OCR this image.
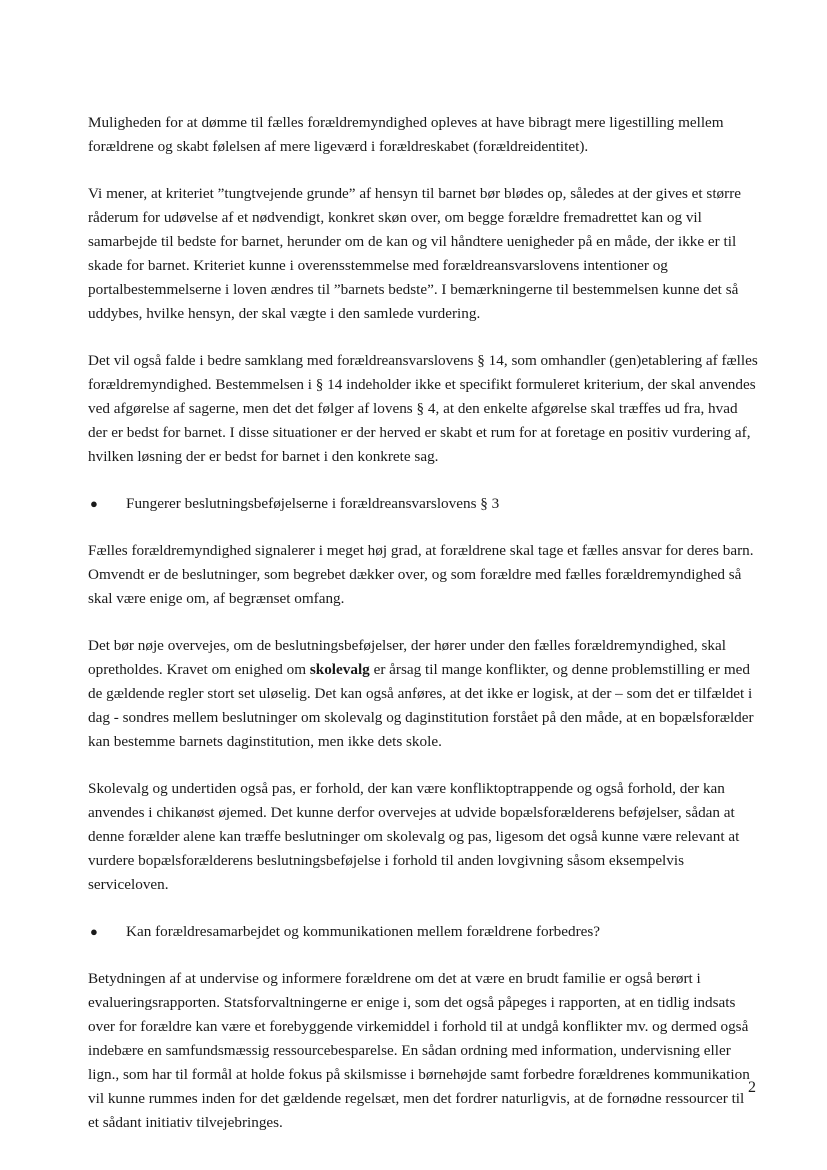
Muligheden for at dømme til fælles forældremyndighed opleves at have bibragt mere ligestilling mellem forældrene og skabt følelsen af mere ligeværd i forældreskabet (forældreidentitet).

Vi mener, at kriteriet ”tungtvejende grunde” af hensyn til barnet bør blødes op, således at der gives et større råderum for udøvelse af et nødvendigt, konkret skøn over, om begge forældre fremadrettet kan og vil samarbejde til bedste for barnet, herunder om de kan og vil håndtere uenigheder på en måde, der ikke er til skade for barnet. Kriteriet kunne i overensstemmelse med forældreansvarslovens intentioner og portalbestemmelserne i loven ændres til ”barnets bedste”. I bemærkningerne til bestemmelsen kunne det så uddybes, hvilke hensyn, der skal vægte i den samlede vurdering.

Det vil også falde i bedre samklang med forældreansvarslovens § 14, som omhandler (gen)etablering af fælles forældremyndighed. Bestemmelsen i § 14 indeholder ikke et specifikt formuleret kriterium, der skal anvendes ved afgørelse af sagerne, men det det følger af lovens § 4, at den enkelte afgørelse skal træffes ud fra, hvad der er bedst for barnet. I disse situationer er der herved er skabt et rum for at foretage en positiv vurdering af, hvilken løsning der er bedst for barnet i den konkrete sag.

●	Fungerer beslutningsbeføjelserne i forældreansvarslovens § 3

Fælles forældremyndighed signalerer i meget høj grad, at forældrene skal tage et fælles ansvar for deres barn. Omvendt er de beslutninger, som begrebet dækker over, og som forældre med fælles forældremyndighed så skal være enige om, af begrænset omfang.

Det bør nøje overvejes, om de beslutningsbeføjelser, der hører under den fælles forældremyndighed, skal opretholdes. Kravet om enighed om skolevalg er årsag til mange konflikter, og denne problemstilling er med de gældende regler stort set uløselig. Det kan også anføres, at det ikke er logisk, at der – som det er tilfældet i dag - sondres mellem beslutninger om skolevalg og daginstitution forstået på den måde, at en bopælsforælder kan bestemme barnets daginstitution, men ikke dets skole.

Skolevalg og undertiden også pas, er forhold, der kan være konfliktoptrappende og også forhold, der kan anvendes i chikanøst øjemed. Det kunne derfor overvejes at udvide bopælsforælderens beføjelser, sådan at denne forælder alene kan træffe beslutninger om skolevalg og pas, ligesom det også kunne være relevant at vurdere bopælsforælderens beslutningsbeføjelse i forhold til anden lovgivning såsom eksempelvis serviceloven.

●	Kan forældresamarbejdet og kommunikationen mellem forældrene forbedres?

Betydningen af at undervise og informere forældrene om det at være en brudt familie er også berørt i evalueringsrapporten. Statsforvaltningerne er enige i, som det også påpeges i rapporten, at en tidlig indsats over for forældre kan være et forebyggende virkemiddel i forhold til at undgå konflikter mv. og dermed også indebære en samfundsmæssig ressourcebesparelse. En sådan ordning med information, undervisning eller lign., som har til formål at holde fokus på skilsmisse i børnehøjde samt forbedre forældrenes kommunikation vil kunne rummes inden for det gældende regelsæt, men det fordrer naturligvis, at de fornødne ressourcer til et sådant initiativ tilvejebringes.

2
